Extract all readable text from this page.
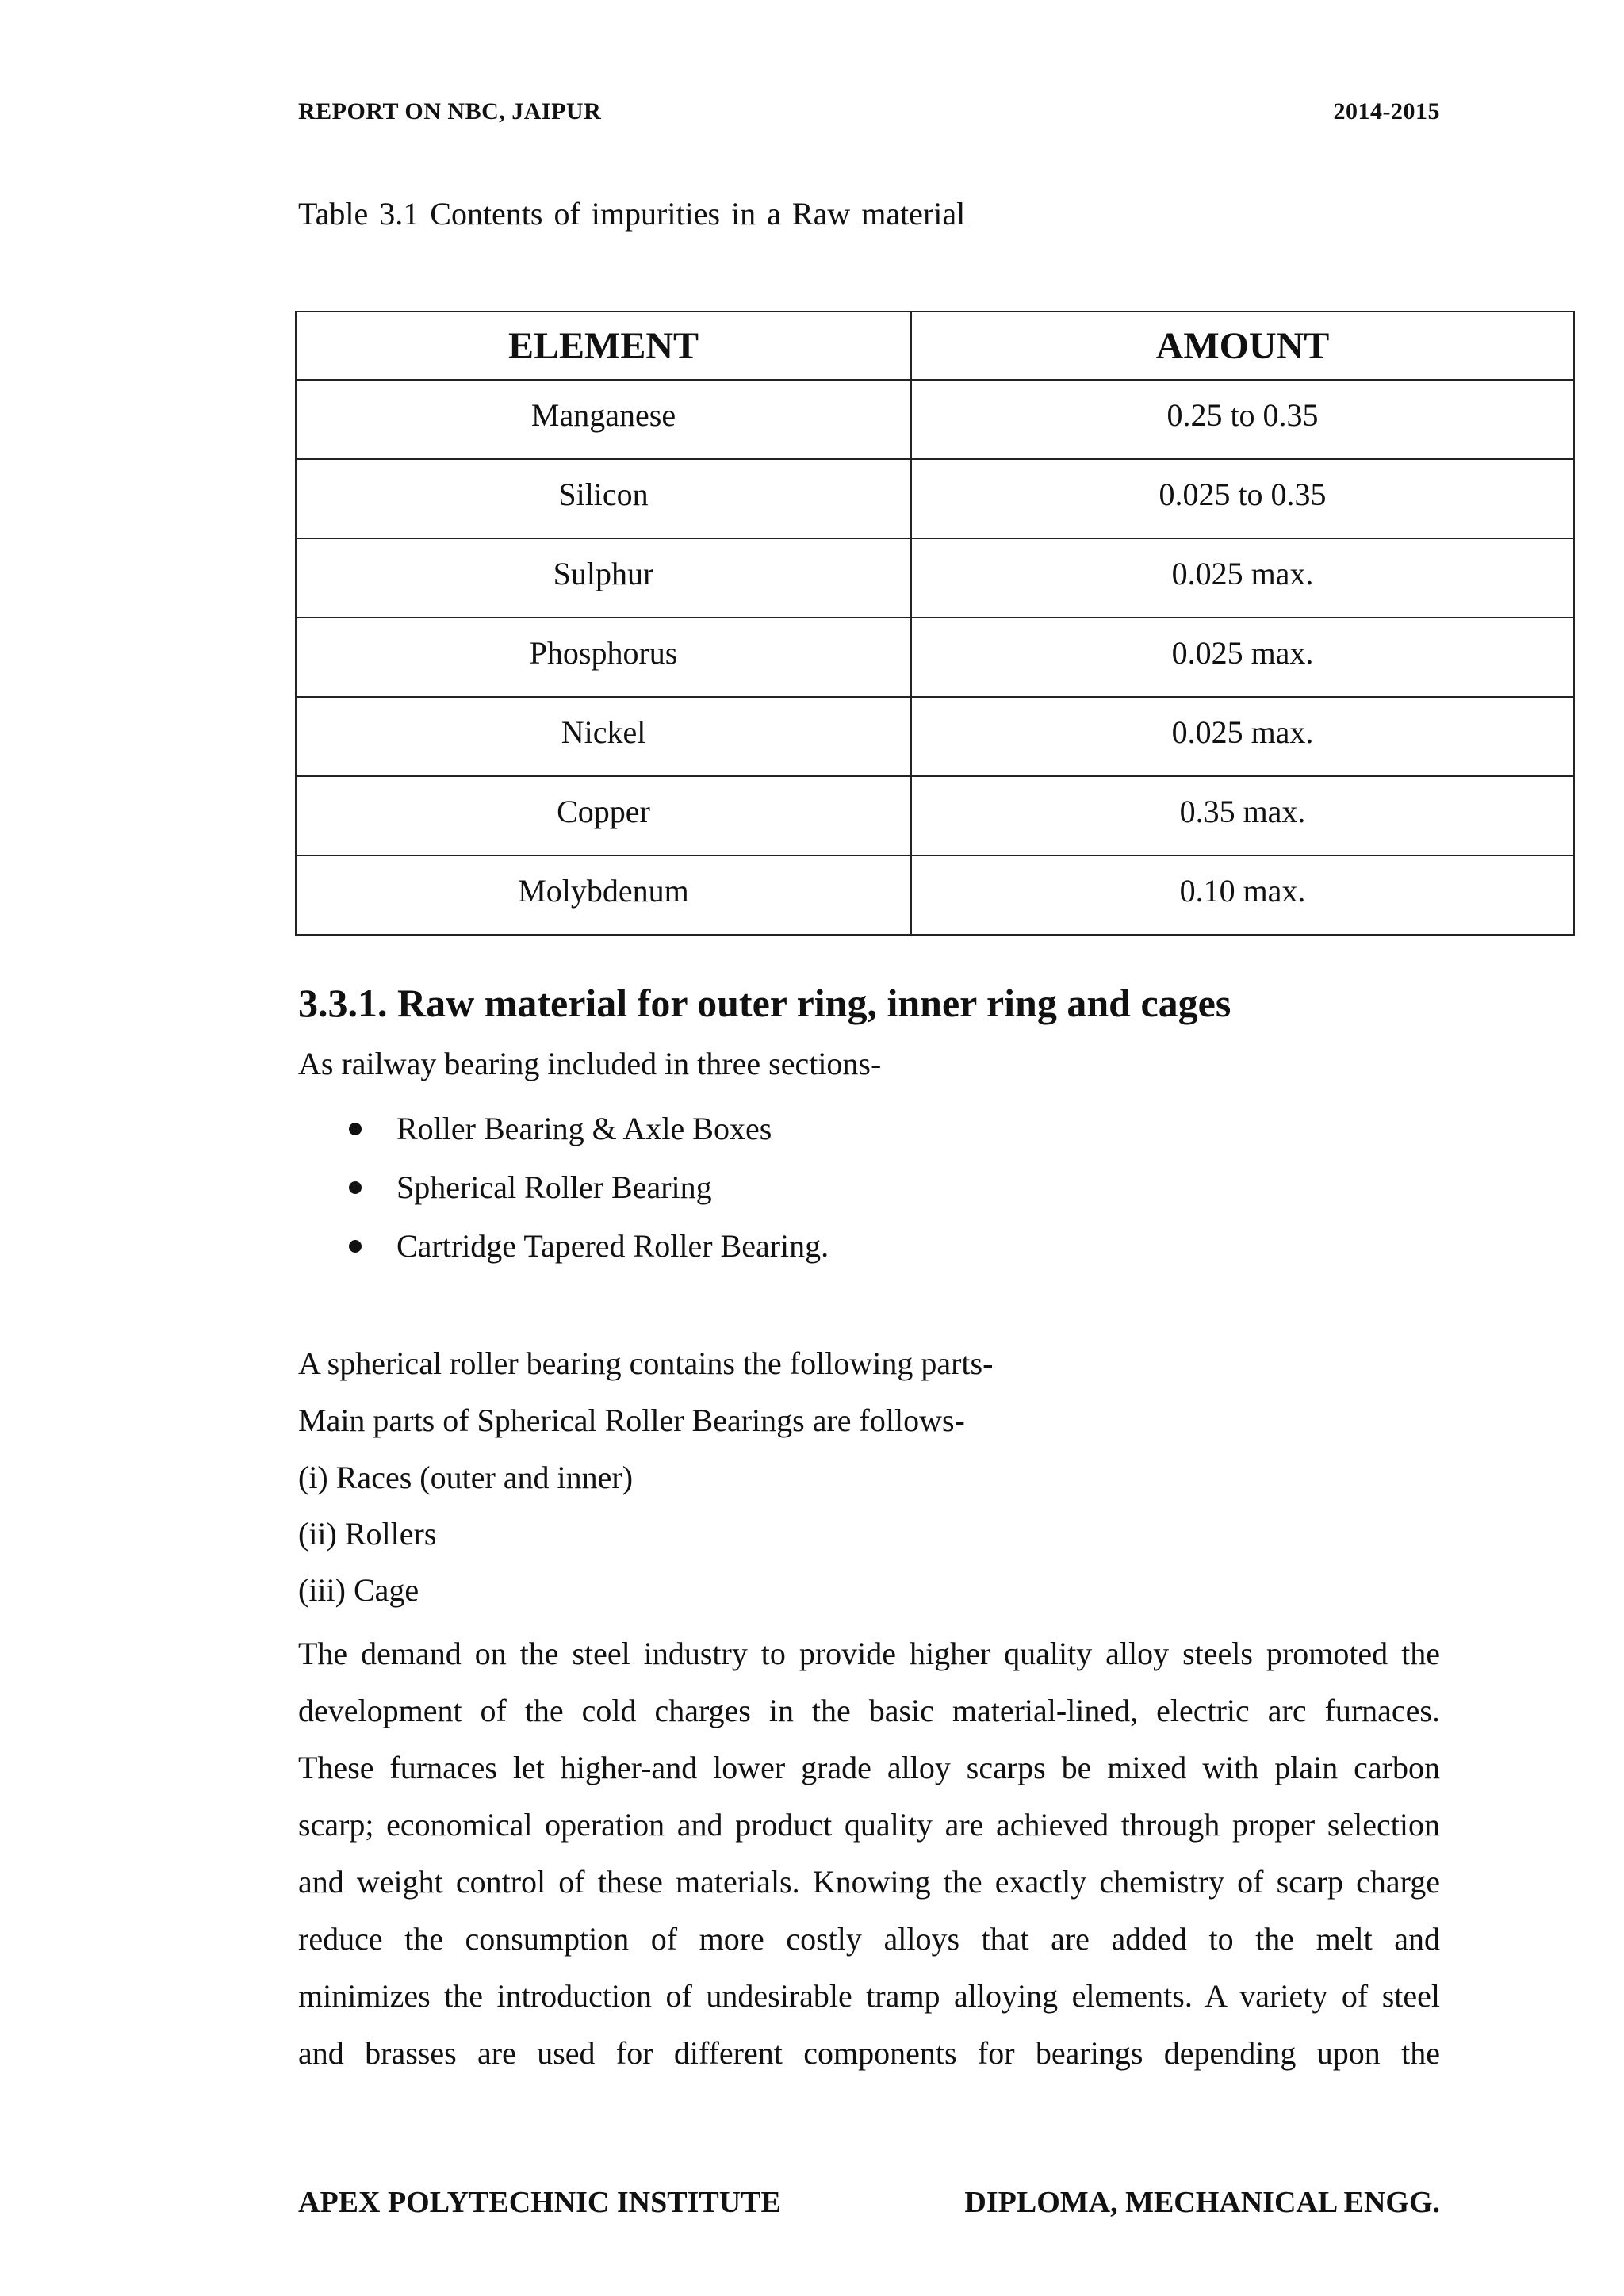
REPORT ON NBC, JAIPUR	2014-2015
Table 3.1 Contents of impurities in a Raw material
ELEMENT	AMOUNT
Manganese	0.25 to 0.35
Silicon	0.025 to 0.35
Sulphur	0.025 max.
Phosphorus	0.025 max.
Nickel	0.025 max.
Copper	0.35 max.
Molybdenum	0.10 max.
3.3.1. Raw material for outer ring, inner ring and cages
As railway bearing included in three sections-
Roller Bearing & Axle Boxes
Spherical Roller Bearing
Cartridge Tapered Roller Bearing.
A spherical roller bearing contains the following parts-
Main parts of Spherical Roller Bearings are follows-
(i) Races (outer and inner)
(ii) Rollers
(iii) Cage
The demand on the steel industry to provide higher quality alloy steels promoted the
development of the cold charges in the basic material-lined, electric arc furnaces.
These furnaces let higher-and lower grade alloy scarps be mixed with plain carbon
scarp; economical operation and product quality are achieved through proper selection
and weight control of these materials. Knowing the exactly chemistry of scarp charge
reduce the consumption of more costly alloys that are added to the melt and
minimizes the introduction of undesirable tramp alloying elements. A variety of steel
and brasses are used for different components for bearings depending upon the
APEX POLYTECHNIC INSTITUTE	DIPLOMA, MECHANICAL ENGG.
